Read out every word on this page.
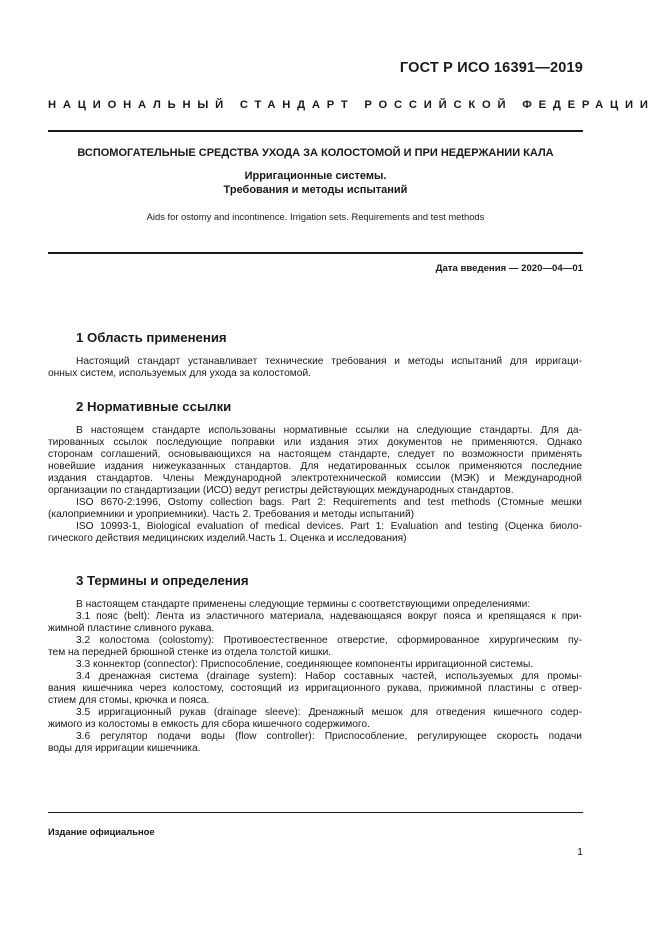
ГОСТ Р ИСО 16391—2019
НАЦИОНАЛЬНЫЙ СТАНДАРТ РОССИЙСКОЙ ФЕДЕРАЦИИ
ВСПОМОГАТЕЛЬНЫЕ СРЕДСТВА УХОДА ЗА КОЛОСТОМОЙ И ПРИ НЕДЕРЖАНИИ КАЛА
Ирригационные системы.
Требования и методы испытаний
Aids for ostomy and incontinence. Irrigation sets. Requirements and test methods
Дата введения — 2020—04—01
1 Область применения
Настоящий стандарт устанавливает технические требования и методы испытаний для ирригаци-
онных систем, используемых для ухода за колостомой.
2 Нормативные ссылки
В настоящем стандарте использованы нормативные ссылки на следующие стандарты. Для да-
тированных ссылок последующие поправки или издания этих документов не применяются. Однако
сторонам соглашений, основывающихся на настоящем стандарте, следует по возможности применять
новейшие издания нижеуказанных стандартов. Для недатированных ссылок применяются последние
издания стандартов. Члены Международной электротехнической комиссии (МЭК) и Международной
организации по стандартизации (ИСО) ведут регистры действующих международных стандартов.
ISO 8670-2:1996, Ostomy collection bags. Part 2: Requirements and test methods (Стомные мешки
(калоприемники и уроприемники). Часть 2. Требования и методы испытаний)
ISO 10993-1, Biological evaluation of medical devices. Part 1: Evaluation and testing (Оценка биоло-
гического действия медицинских изделий.Часть 1. Оценка и исследования)
3 Термины и определения
В настоящем стандарте применены следующие термины с соответствующими определениями:
3.1 пояс (belt): Лента из эластичного материала, надевающаяся вокруг пояса и крепящаяся к при-
жимной пластине сливного рукава.
3.2 колостома (colostomy): Противоестественное отверстие, сформированное хирургическим пу-
тем на передней брюшной стенке из отдела толстой кишки.
3.3 коннектор (connector): Приспособление, соединяющее компоненты ирригационной системы.
3.4 дренажная система (drainage system): Набор составных частей, используемых для промы-
вания кишечника через колостому, состоящий из ирригационного рукава, прижимной пластины с отвер-
стием для стомы, крючка и пояса.
3.5 ирригационный рукав (drainage sleeve): Дренажный мешок для отведения кишечного содер-
жимого из колостомы в емкость для сбора кишечного содержимого.
3.6 регулятор подачи воды (flow controller): Приспособление, регулирующее скорость подачи
воды для ирригации кишечника.
Издание официальное
1
